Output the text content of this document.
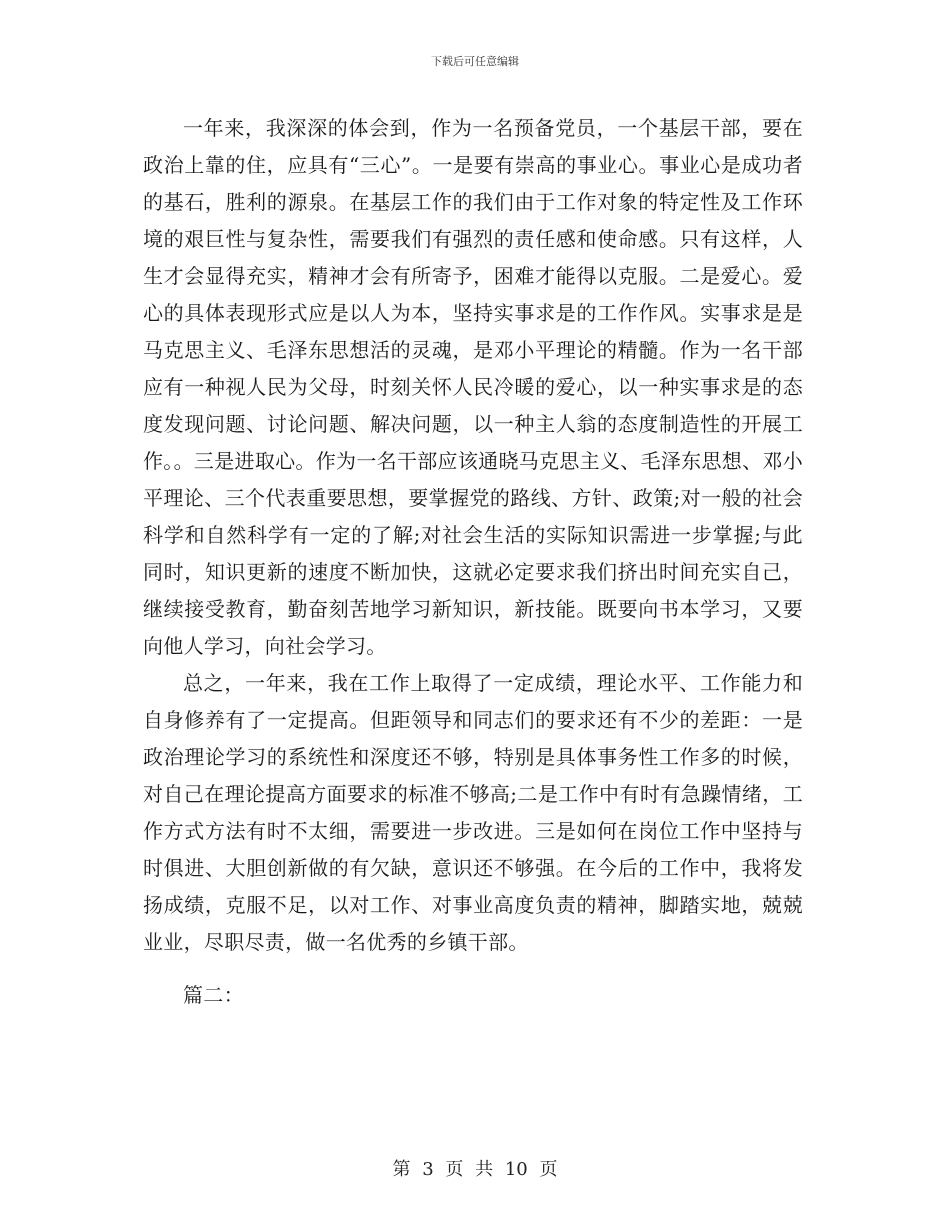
下载后可任意编辑

一年来，我深深的体会到，作为一名预备党员，一个基层干部，要在政治上靠的住，应具有“三心”。一是要有崇高的事业心。事业心是成功者的基石，胜利的源泉。在基层工作的我们由于工作对象的特定性及工作环境的艰巨性与复杂性，需要我们有强烈的责任感和使命感。只有这样，人生才会显得充实，精神才会有所寄予，困难才能得以克服。二是爱心。爱心的具体表现形式应是以人为本，坚持实事求是的工作作风。实事求是是马克思主义、毛泽东思想活的灵魂，是邓小平理论的精髓。作为一名干部应有一种视人民为父母，时刻关怀人民冷暖的爱心，以一种实事求是的态度发现问题、讨论问题、解决问题，以一种主人翁的态度制造性的开展工作。。三是进取心。作为一名干部应该通晓马克思主义、毛泽东思想、邓小平理论、三个代表重要思想，要掌握党的路线、方针、政策;对一般的社会科学和自然科学有一定的了解;对社会生活的实际知识需进一步掌握;与此同时，知识更新的速度不断加快，这就必定要求我们挤出时间充实自己，继续接受教育，勤奋刻苦地学习新知识，新技能。既要向书本学习，又要向他人学习，向社会学习。

总之，一年来，我在工作上取得了一定成绩，理论水平、工作能力和自身修养有了一定提高。但距领导和同志们的要求还有不少的差距：一是政治理论学习的系统性和深度还不够，特别是具体事务性工作多的时候，对自己在理论提高方面要求的标准不够高;二是工作中有时有急躁情绪，工作方式方法有时不太细，需要进一步改进。三是如何在岗位工作中坚持与时俱进、大胆创新做的有欠缺，意识还不够强。在今后的工作中，我将发扬成绩，克服不足，以对工作、对事业高度负责的精神，脚踏实地，兢兢业业，尽职尽责，做一名优秀的乡镇干部。

篇二：

第 3 页 共 10 页
